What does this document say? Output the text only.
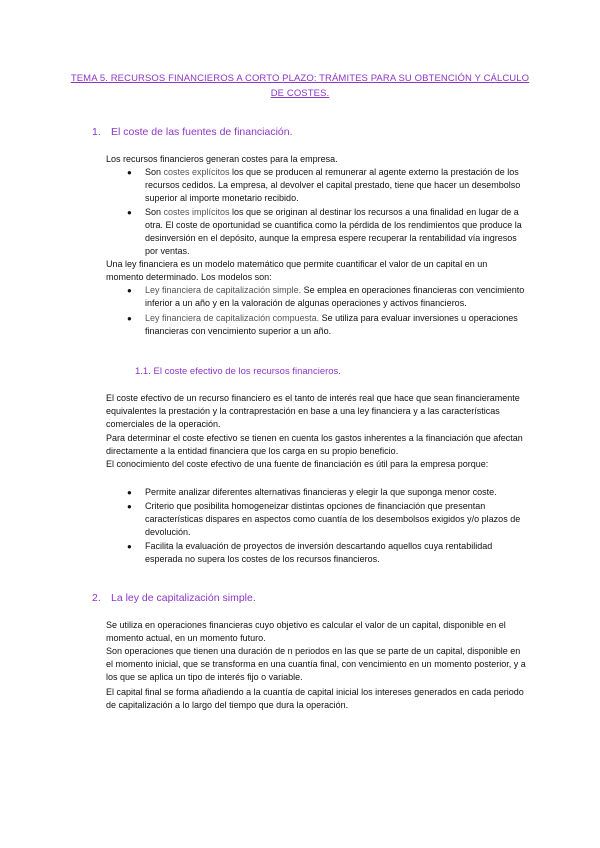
TEMA 5. RECURSOS FINANCIEROS A CORTO PLAZO: TRÁMITES PARA SU OBTENCIÓN Y CÁLCULO DE COSTES.
1. El coste de las fuentes de financiación.

Los recursos financieros generan costes para la empresa.

● Son costes explícitos los que se producen al remunerar al agente externo la prestación de los recursos cedidos. La empresa, al devolver el capital prestado, tiene que hacer un desembolso superior al importe monetario recibido.
● Son costes implícitos los que se originan al destinar los recursos a una finalidad en lugar de a otra. El coste de oportunidad se cuantifica como la pérdida de los rendimientos que produce la desinversión en el depósito, aunque la empresa espere recuperar la rentabilidad vía ingresos por ventas.

Una ley financiera es un modelo matemático que permite cuantificar el valor de un capital en un momento determinado. Los modelos son:

● Ley financiera de capitalización simple. Se emplea en operaciones financieras con vencimiento inferior a un año y en la valoración de algunas operaciones y activos financieros.
● Ley financiera de capitalización compuesta. Se utiliza para evaluar inversiones u operaciones financieras con vencimiento superior a un año.
1.1. El coste efectivo de los recursos financieros.

El coste efectivo de un recurso financiero es el tanto de interés real que hace que sean financieramente equivalentes la prestación y la contraprestación en base a una ley financiera y a las características comerciales de la operación.

Para determinar el coste efectivo se tienen en cuenta los gastos inherentes a la financiación que afectan directamente a la entidad financiera que los carga en su propio beneficio.

El conocimiento del coste efectivo de una fuente de financiación es útil para la empresa porque:

● Permite analizar diferentes alternativas financieras y elegir la que suponga menor coste.
● Criterio que posibilita homogeneizar distintas opciones de financiación que presentan características dispares en aspectos como cuantía de los desembolsos exigidos y/o plazos de devolución.
● Facilita la evaluación de proyectos de inversión descartando aquellos cuya rentabilidad esperada no supera los costes de los recursos financieros.
2. La ley de capitalización simple.

Se utiliza en operaciones financieras cuyo objetivo es calcular el valor de un capital, disponible en el momento actual, en un momento futuro.

Son operaciones que tienen una duración de n periodos en las que se parte de un capital, disponible en el momento inicial, que se transforma en una cuantía final, con vencimiento en un momento posterior, y a los que se aplica un tipo de interés fijo o variable.

El capital final se forma añadiendo a la cuantía de capital inicial los intereses generados en cada periodo de capitalización a lo largo del tiempo que dura la operación.
